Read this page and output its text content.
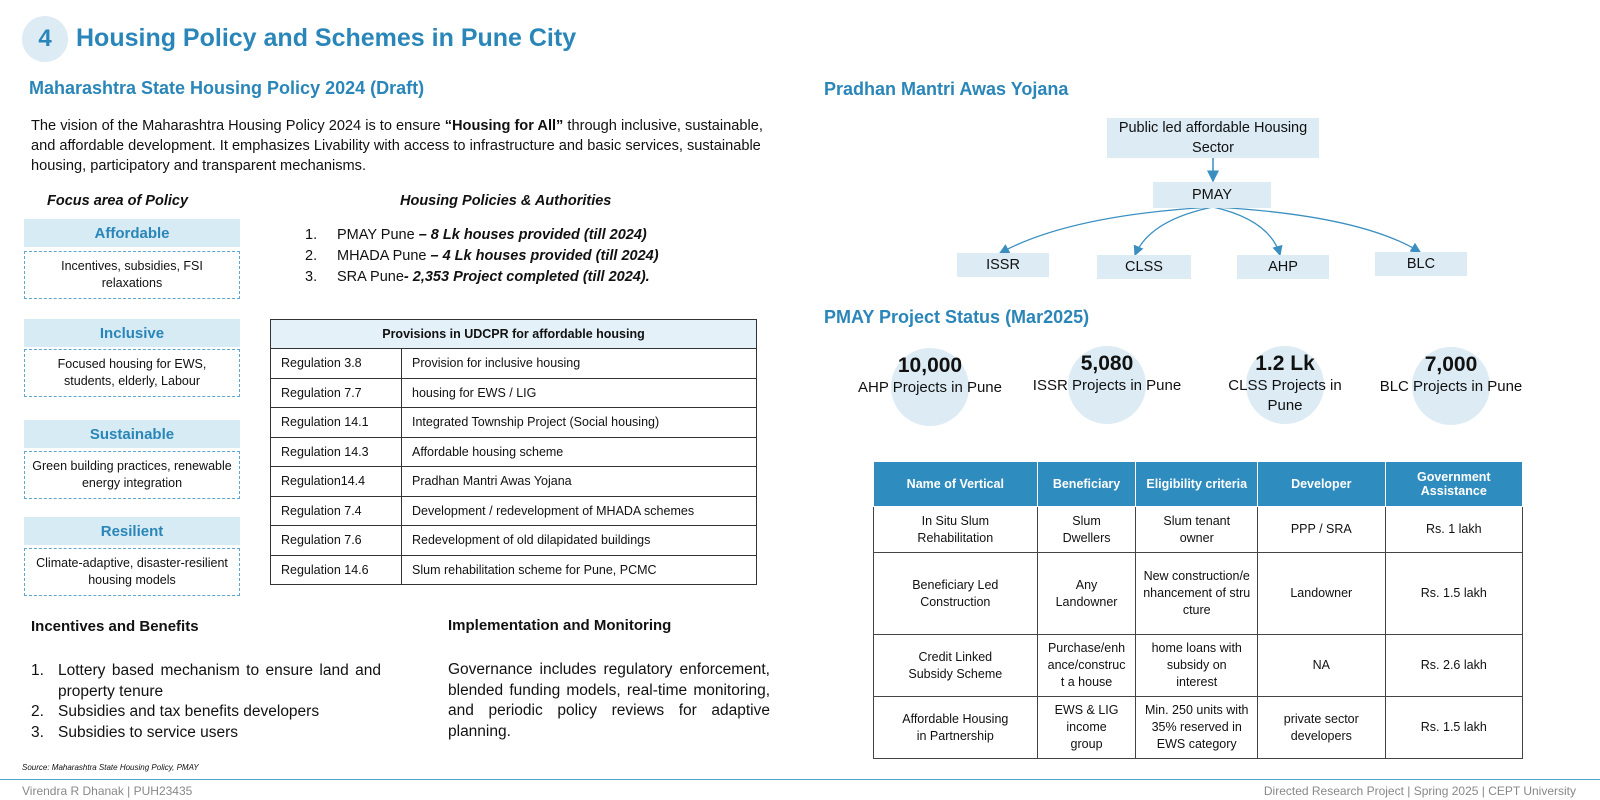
4 Housing Policy and Schemes in Pune City
Maharashtra State Housing Policy 2024 (Draft)
The vision of the Maharashtra Housing Policy 2024 is to ensure “Housing for All” through inclusive, sustainable, and affordable development. It emphasizes Livability with access to infrastructure and basic services, sustainable housing, participatory and transparent mechanisms.
Focus area of Policy
Affordable
Incentives, subsidies, FSI relaxations
Inclusive
Focused housing for EWS, students, elderly, Labour
Sustainable
Green building practices, renewable energy integration
Resilient
Climate-adaptive, disaster-resilient housing models
Housing Policies & Authorities
1.	PMAY Pune
– 8 Lk houses provided (till 2024)
2.	MHADA Pune
– 4 Lk houses provided (till 2024)
3.	SRA Pune - 2,353 Project completed (till 2024).
Provisions in UDCPR for affordable housing	
Regulation 3.8	Provision for inclusive housing
Regulation 7.7	housing for EWS / LIG
Regulation 14.1	Integrated Township Project (Social housing)
Regulation 14.3	Affordable housing scheme
Regulation14.4	Pradhan Mantri Awas Yojana
Regulation 7.4	Development / redevelopment of MHADA schemes
Regulation 7.6	Redevelopment of old dilapidated buildings
Regulation 14.6	Slum rehabilitation scheme for Pune, PCMC
Incentives and Benefits
1. Lottery based mechanism to ensure land and property tenure
2. Subsidies and tax benefits developers
3. Subsidies to service users
Implementation and Monitoring
Governance includes regulatory enforcement, blended funding models, real-time monitoring, and periodic policy reviews for adaptive planning.
Pradhan Mantri Awas Yojana
Public led affordable Housing Sector
PMAY
ISSR	CLSS	AHP	BLC
PMAY Project Status (Mar2025)
10,000
AHP Projects in Pune
5,080
ISSR Projects in Pune
1.2 Lk
CLSS Projects in Pune
7,000
BLC Projects in Pune
Name of Vertical	Beneficiary	Eligibility criteria	Developer	Government Assistance
In Situ Slum Rehabilitation	Slum Dwellers	Slum tenant owner	PPP / SRA	Rs. 1 lakh
Beneficiary Led Construction	Any Landowner	New construction/enhancement of structure	Landowner	Rs. 1.5 lakh
Credit Linked Subsidy Scheme	Purchase/enhance/construct a house	home loans with subsidy on interest	NA	Rs. 2.6 lakh
Affordable Housing in Partnership	EWS & LIG income group	Min. 250 units with 35% reserved in EWS category	private sector developers	Rs. 1.5 lakh
Source: Maharashtra State Housing Policy, PMAY
Virendra R Dhanak | PUH23435	Directed Research Project | Spring 2025 | CEPT University
